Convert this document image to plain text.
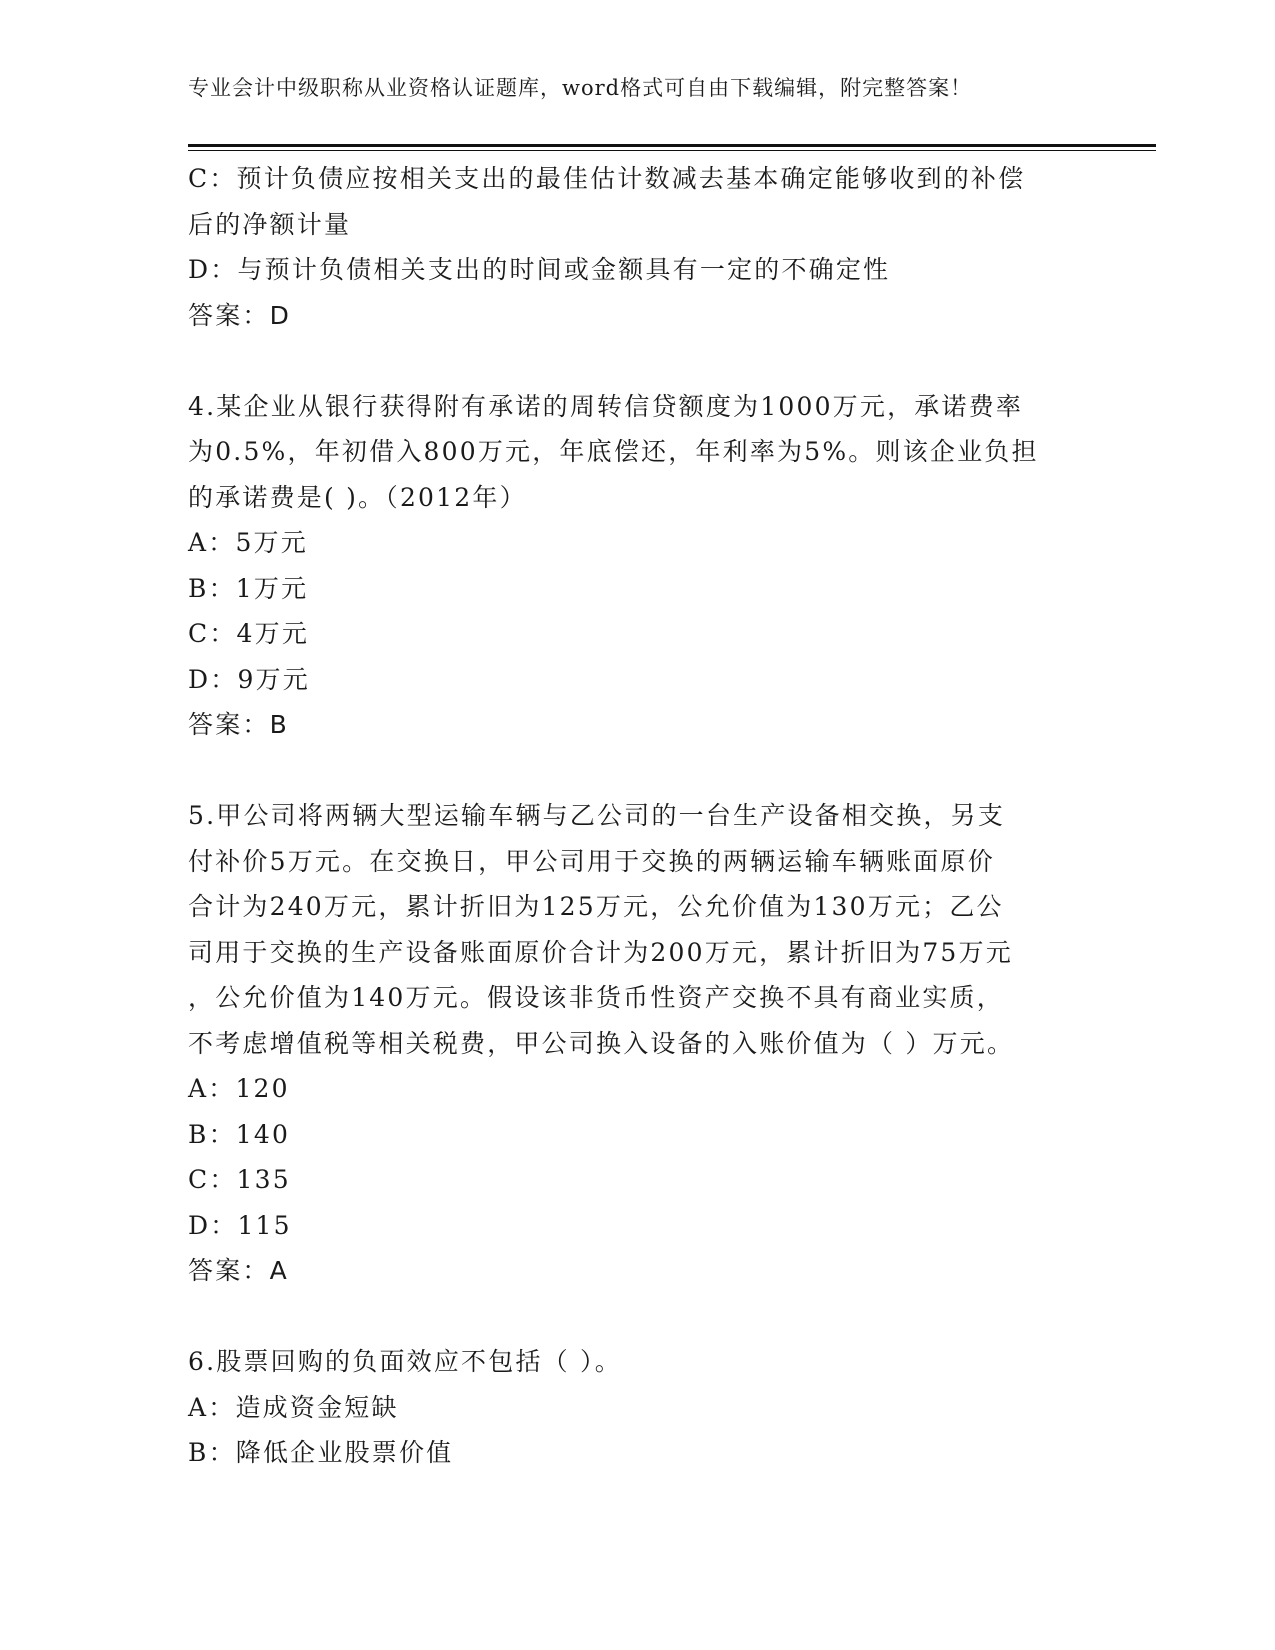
专业会计中级职称从业资格认证题库，word格式可自由下载编辑，附完整答案！
C：预计负债应按相关支出的最佳估计数减去基本确定能够收到的补偿
后的净额计量
D：与预计负债相关支出的时间或金额具有一定的不确定性
答案：D
4.某企业从银行获得附有承诺的周转信贷额度为1000万元，承诺费率
为0.5%，年初借入800万元，年底偿还，年利率为5%。则该企业负担
的承诺费是( )。（2012年）
A：5万元
B：1万元
C：4万元
D：9万元
答案：B
5.甲公司将两辆大型运输车辆与乙公司的一台生产设备相交换，另支
付补价5万元。在交换日，甲公司用于交换的两辆运输车辆账面原价
合计为240万元，累计折旧为125万元，公允价值为130万元；乙公
司用于交换的生产设备账面原价合计为200万元，累计折旧为75万元
，公允价值为140万元。假设该非货币性资产交换不具有商业实质，
不考虑增值税等相关税费，甲公司换入设备的入账价值为（ ）万元。
A：120
B：140
C：135
D：115
答案：A
6.股票回购的负面效应不包括（ ）。
A：造成资金短缺
B：降低企业股票价值
